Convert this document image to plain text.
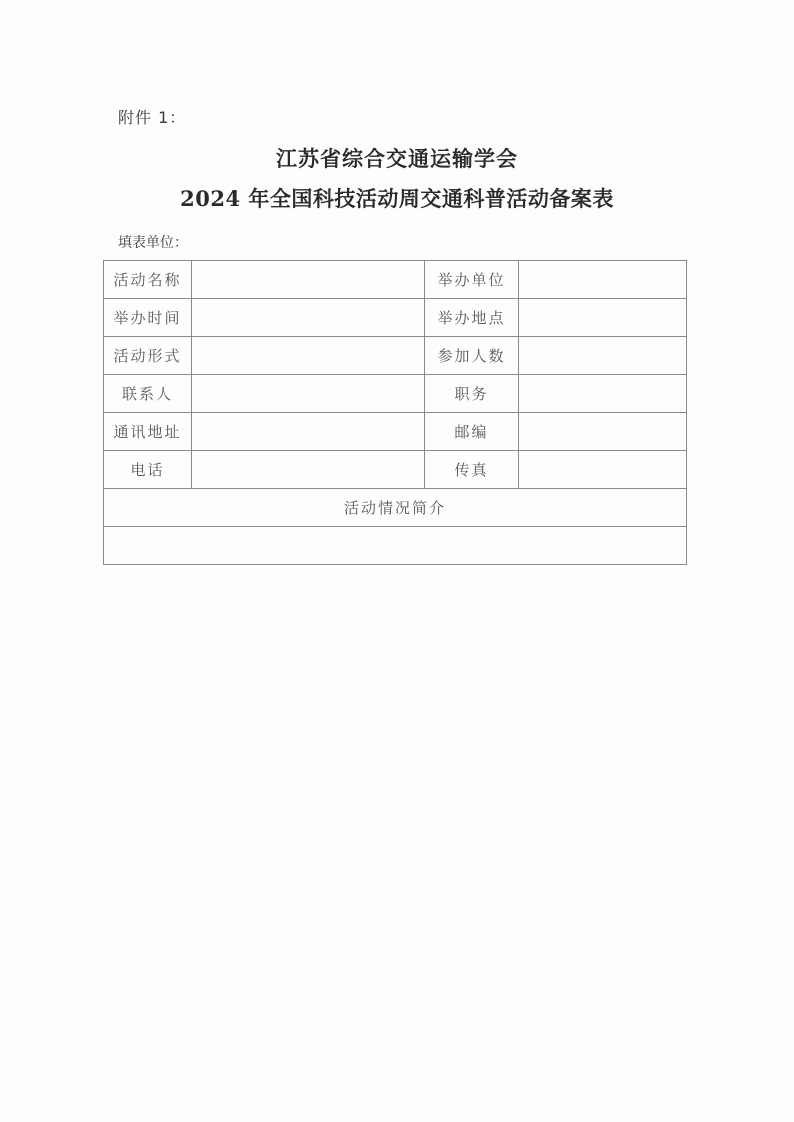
附件 1：
江苏省综合交通运输学会
2024 年全国科技活动周交通科普活动备案表
填表单位：
活动名称		举办单位	
举办时间		举办地点	
活动形式		参加人数	
联系人		职务	
通讯地址		邮编	
电话		传真	
活动情况简介			
